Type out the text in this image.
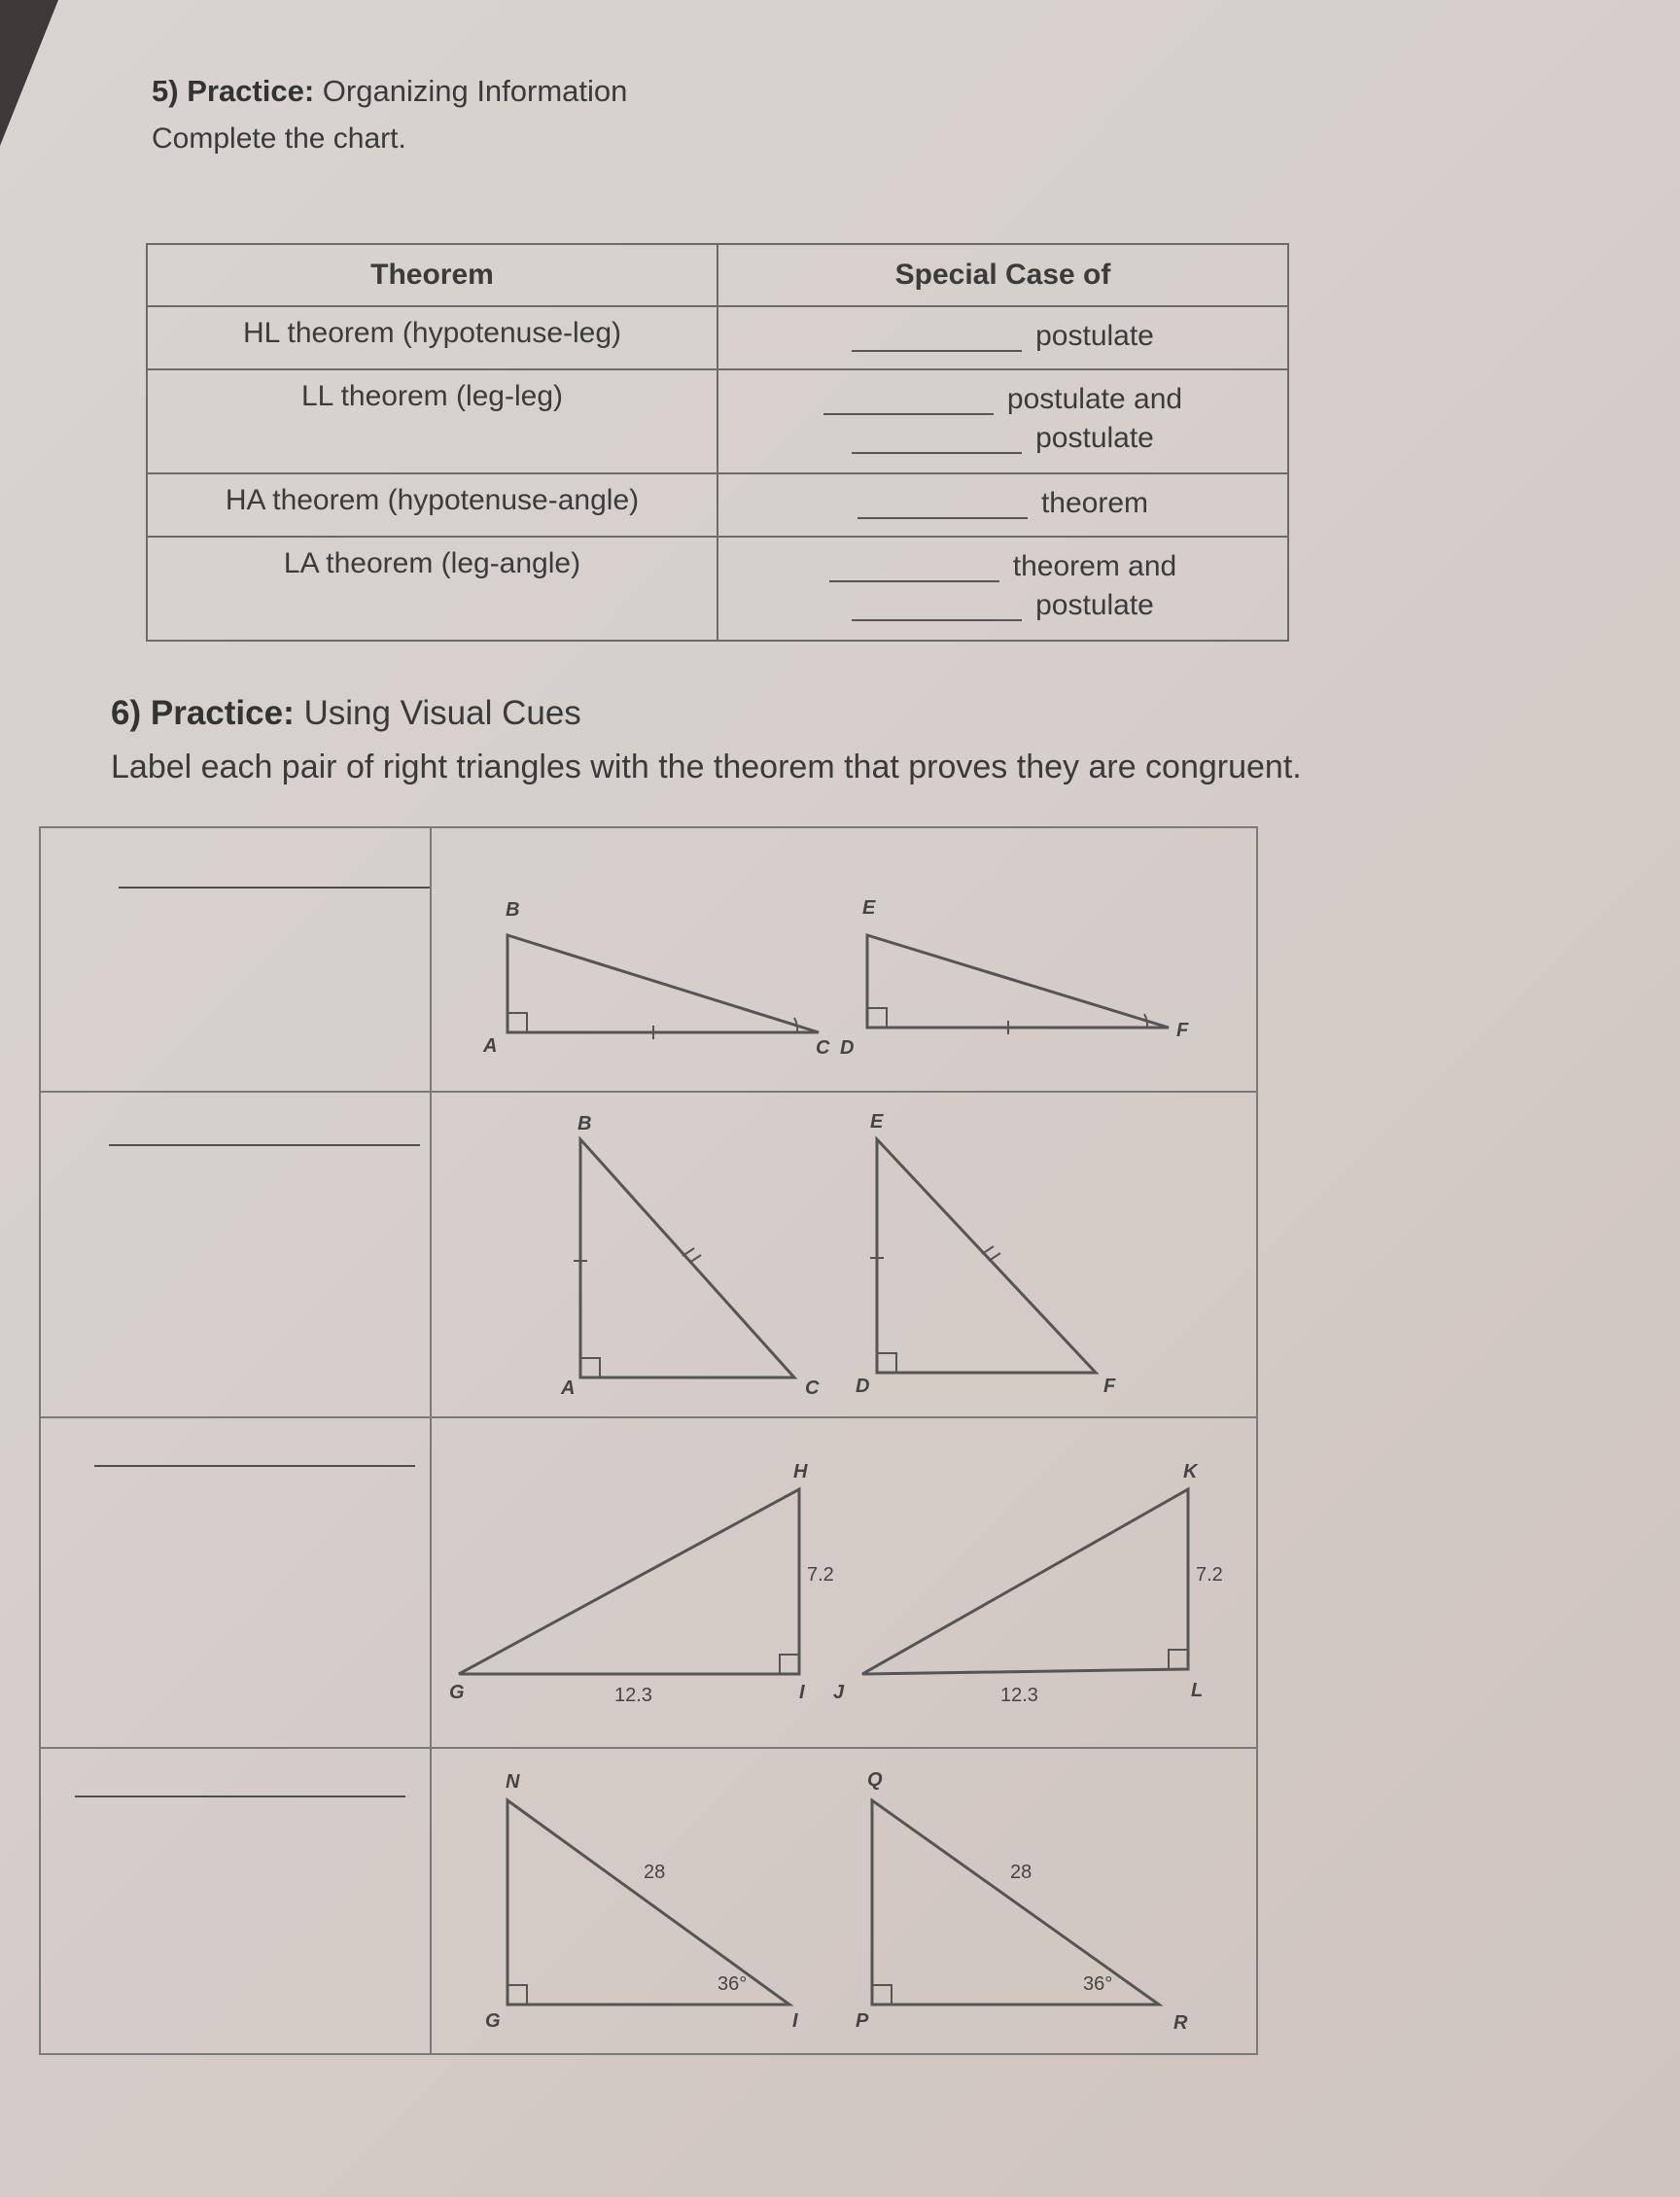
5) Practice: Organizing Information
Complete the chart.
Theorem	Special Case of
HL theorem (hypotenuse-leg)	postulate

LL theorem (leg-leg)	postulate and
postulate

HA theorem (hypotenuse-angle)	theorem

LA theorem (leg-angle)	theorem and
postulate
6) Practice: Using Visual Cues
Label each pair of right triangles with the theorem that proves they are congruent.
B
A	C D
E
F
B
A	C D
E
F
H
G	I J
K
L
N
G	I	P
Q
R
7.2
12.3
7.2
12.3
28
36°
28
36°
